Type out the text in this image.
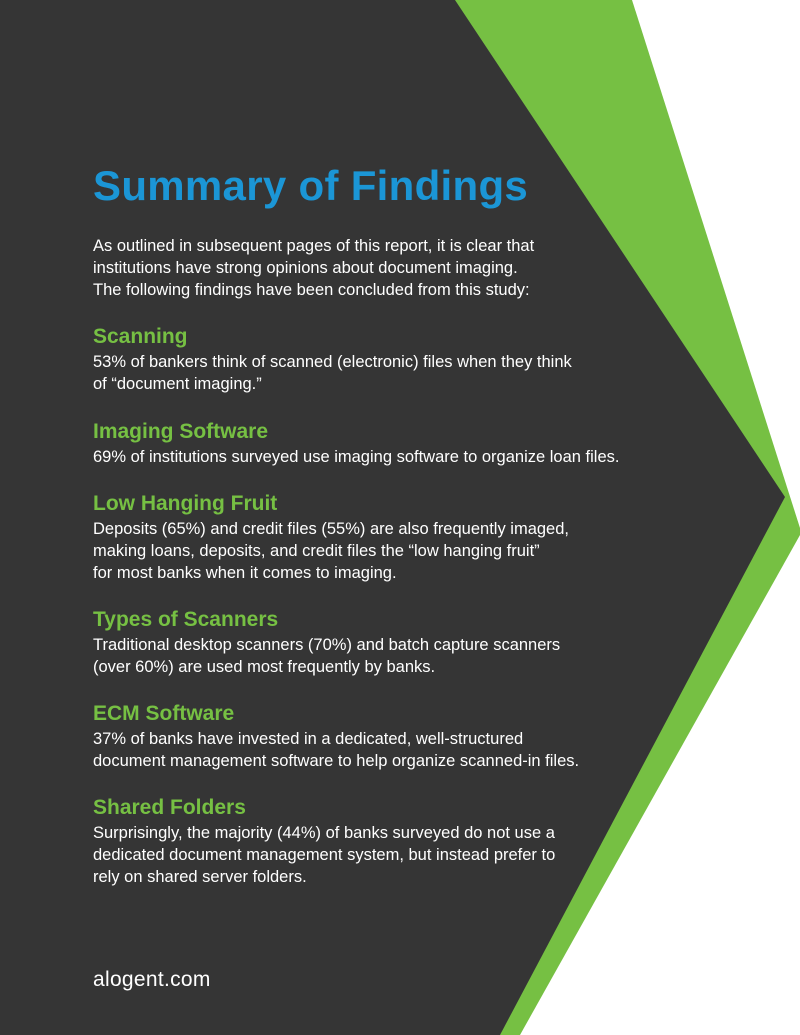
Summary of Findings
As outlined in subsequent pages of this report, it is clear that
institutions have strong opinions about document imaging.
The following findings have been concluded from this study:
Scanning
53% of bankers think of scanned (electronic) files when they think
of “document imaging.”
Imaging Software
69% of institutions surveyed use imaging software to organize loan files.
Low Hanging Fruit
Deposits (65%) and credit files (55%) are also frequently imaged,
making loans, deposits, and credit files the “low hanging fruit”
for most banks when it comes to imaging.
Types of Scanners
Traditional desktop scanners (70%) and batch capture scanners
(over 60%) are used most frequently by banks.
ECM Software
37% of banks have invested in a dedicated, well-structured
document management software to help organize scanned-in files.
Shared Folders
Surprisingly, the majority (44%) of banks surveyed do not use a
dedicated document management system, but instead prefer to
rely on shared server folders.
alogent.com
